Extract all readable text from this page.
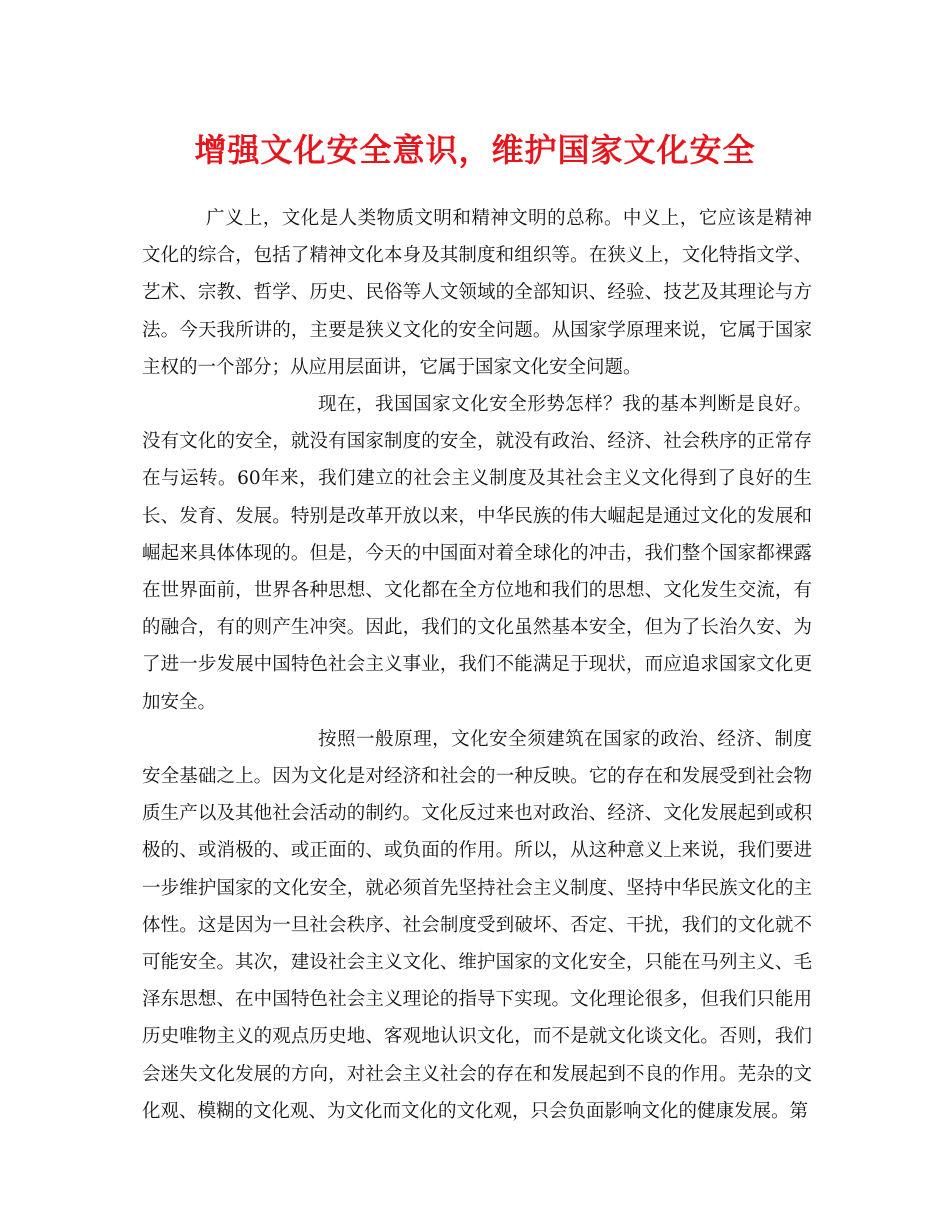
增强文化安全意识，维护国家文化安全

广义上，文化是人类物质文明和精神文明的总称。中义上，它应该是精神文化的综合，包括了精神文化本身及其制度和组织等。在狭义上，文化特指文学、艺术、宗教、哲学、历史、民俗等人文领域的全部知识、经验、技艺及其理论与方法。今天我所讲的，主要是狭义文化的安全问题。从国家学原理来说，它属于国家主权的一个部分；从应用层面讲，它属于国家文化安全问题。

现在，我国国家文化安全形势怎样？我的基本判断是良好。没有文化的安全，就没有国家制度的安全，就没有政治、经济、社会秩序的正常存在与运转。60年来，我们建立的社会主义制度及其社会主义文化得到了良好的生长、发育、发展。特别是改革开放以来，中华民族的伟大崛起是通过文化的发展和崛起来具体体现的。但是，今天的中国面对着全球化的冲击，我们整个国家都裸露在世界面前，世界各种思想、文化都在全方位地和我们的思想、文化发生交流，有的融合，有的则产生冲突。因此，我们的文化虽然基本安全，但为了长治久安、为了进一步发展中国特色社会主义事业，我们不能满足于现状，而应追求国家文化更加安全。

按照一般原理，文化安全须建筑在国家的政治、经济、制度安全基础之上。因为文化是对经济和社会的一种反映。它的存在和发展受到社会物质生产以及其他社会活动的制约。文化反过来也对政治、经济、文化发展起到或积极的、或消极的、或正面的、或负面的作用。所以，从这种意义上来说，我们要进一步维护国家的文化安全，就必须首先坚持社会主义制度、坚持中华民族文化的主体性。这是因为一旦社会秩序、社会制度受到破坏、否定、干扰，我们的文化就不可能安全。其次，建设社会主义文化、维护国家的文化安全，只能在马列主义、毛泽东思想、在中国特色社会主义理论的指导下实现。文化理论很多，但我们只能用历史唯物主义的观点历史地、客观地认识文化，而不是就文化谈文化。否则，我们会迷失文化发展的方向，对社会主义社会的存在和发展起到不良的作用。芜杂的文化观、模糊的文化观、为文化而文化的文化观，只会负面影响文化的健康发展。第
